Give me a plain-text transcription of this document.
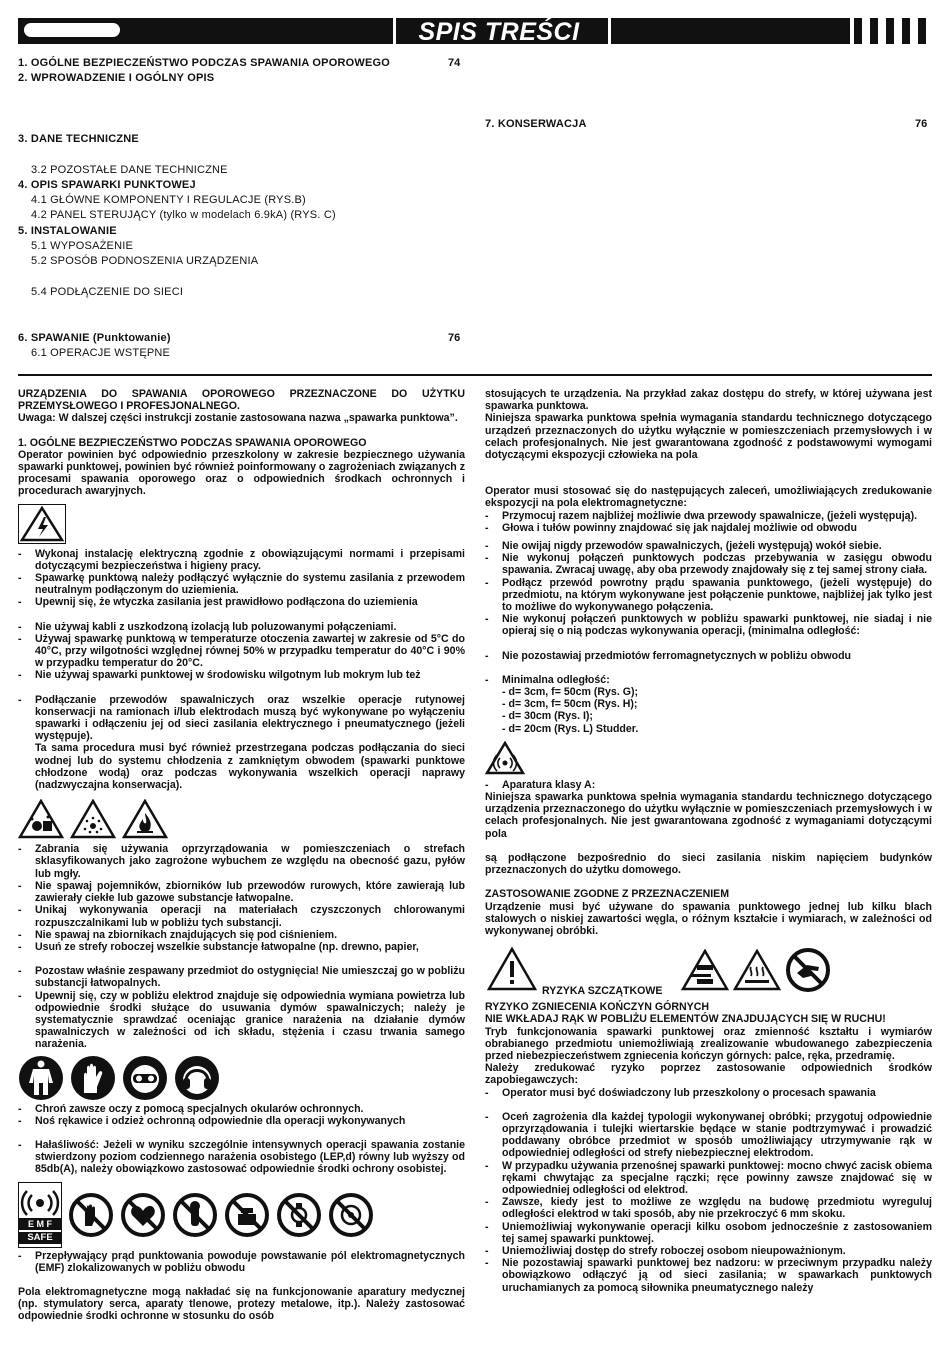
SPIS TREŚCI
1. OGÓLNE BEZPIECZEŃSTWO PODCZAS SPAWANIA OPOROWEGO	74
2. WPROWADZENIE I OGÓLNY OPIS
3. DANE TECHNICZNE
3.2 POZOSTAŁE DANE TECHNICZNE
4. OPIS SPAWARKI PUNKTOWEJ
4.1 GŁÓWNE KOMPONENTY I REGULACJE (RYS.B)
4.2 PANEL STERUJĄCY (tylko w modelach 6.9kA) (RYS. C)
5. INSTALOWANIE
5.1 WYPOSAŻENIE
5.2 SPOSÓB PODNOSZENIA URZĄDZENIA
5.4 PODŁĄCZENIE DO SIECI
6. SPAWANIE (Punktowanie)	76
6.1 OPERACJE WSTĘPNE
7. KONSERWACJA	76

URZĄDZENIA DO SPAWANIA OPOROWEGO PRZEZNACZONE DO UŻYTKU PRZEMYSŁOWEGO I PROFESJONALNEGO.

Uwaga: W dalszej części instrukcji zostanie zastosowana nazwa „spawarka punktowa”.

1. OGÓLNE BEZPIECZEŃSTWO PODCZAS SPAWANIA OPOROWEGO

Operator powinien być odpowiednio przeszkolony w zakresie bezpiecznego używania spawarki punktowej, powinien być również poinformowany o zagrożeniach związanych z procesami spawania oporowego oraz o odpowiednich środkach ochronnych i procedurach awaryjnych.

- Wykonaj instalację elektryczną zgodnie z obowiązującymi normami i przepisami dotyczącymi bezpieczeństwa i higieny pracy.
- Spawarkę punktową należy podłączyć wyłącznie do systemu zasilania z przewodem neutralnym podłączonym do uziemienia.
- Upewnij się, że wtyczka zasilania jest prawidłowo podłączona do uziemienia
- Nie używaj kabli z uszkodzoną izolacją lub poluzowanymi połączeniami.
- Używaj spawarkę punktową w temperaturze otoczenia zawartej w zakresie od 5°C do 40°C, przy wilgotności względnej równej 50% w przypadku temperatur do 40°C i 90% w przypadku temperatur do 20°C.
- Nie używaj spawarki punktowej w środowisku wilgotnym lub mokrym lub też
- Podłączanie przewodów spawalniczych oraz wszelkie operacje rutynowej konserwacji na ramionach i/lub elektrodach muszą być wykonywane po wyłączeniu spawarki i odłączeniu jej od sieci zasilania elektrycznego i pneumatycznego (jeżeli występuje).

Ta sama procedura musi być również przestrzegana podczas podłączania do sieci wodnej lub do systemu chłodzenia z zamkniętym obwodem (spawarki punktowe chłodzone wodą) oraz podczas wykonywania wszelkich operacji naprawy (nadzwyczajna konserwacja).

- Zabrania się używania oprzyrządowania w pomieszczeniach o strefach sklasyfikowanych jako zagrożone wybuchem ze względu na obecność gazu, pyłów lub mgły.
- Nie spawaj pojemników, zbiorników lub przewodów rurowych, które zawierają lub zawierały ciekłe lub gazowe substancje łatwopalne.
- Unikaj wykonywania operacji na materiałach czyszczonych chlorowanymi rozpuszczalnikami lub w pobliżu tych substancji.
- Nie spawaj na zbiornikach znajdujących się pod ciśnieniem.
- Usuń ze strefy roboczej wszelkie substancje łatwopalne (np. drewno, papier,
- Pozostaw właśnie zespawany przedmiot do ostygnięcia! Nie umieszczaj go w pobliżu substancji łatwopalnych.
- Upewnij się, czy w pobliżu elektrod znajduje się odpowiednia wymiana powietrza lub odpowiednie środki służące do usuwania dymów spawalniczych; należy je systematycznie sprawdzać oceniając granice narażenia na działanie dymów spawalniczych w zależności od ich składu, stężenia i czasu trwania samego narażenia.
- Chroń zawsze oczy z pomocą specjalnych okularów ochronnych.
- Noś rękawice i odzież ochronną odpowiednie dla operacji wykonywanych
- Hałaśliwość: Jeżeli w wyniku szczególnie intensywnych operacji spawania zostanie stwierdzony poziom codziennego narażenia osobistego (LEP,d) równy lub wyższy od 85db(A), należy obowiązkowo zastosować odpowiednie środki ochrony osobistej.
E M F
SAFE
- Przepływający prąd punktowania powoduje powstawanie pól elektromagnetycznych (EMF) zlokalizowanych w pobliżu obwodu

Pola elektromagnetyczne mogą nakładać się na funkcjonowanie aparatury medycznej (np. stymulatory serca, aparaty tlenowe, protezy metalowe, itp.). Należy zastosować odpowiednie środki ochronne w stosunku do osób

stosujących te urządzenia. Na przykład zakaz dostępu do strefy, w której używana jest spawarka punktowa.

Niniejsza spawarka punktowa spełnia wymagania standardu technicznego dotyczącego urządzeń przeznaczonych do użytku wyłącznie w pomieszczeniach przemysłowych i w celach profesjonalnych. Nie jest gwarantowana zgodność z podstawowymi wymogami dotyczącymi ekspozycji człowieka na pola

Operator musi stosować się do następujących zaleceń, umożliwiających zredukowanie ekspozycji na pola elektromagnetyczne:

- Przymocuj razem najbliżej możliwie dwa przewody spawalnicze, (jeżeli występują).
- Głowa i tułów powinny znajdować się jak najdalej możliwie od obwodu
- Nie owijaj nigdy przewodów spawalniczych, (jeżeli występują) wokół siebie.
- Nie wykonuj połączeń punktowych podczas przebywania w zasięgu obwodu spawania. Zwracaj uwagę, aby oba przewody znajdowały się z tej samej strony ciała.
- Podłącz przewód powrotny prądu spawania punktowego, (jeżeli występuje) do przedmiotu, na którym wykonywane jest połączenie punktowe, najbliżej jak tylko jest to możliwe do wykonywanego połączenia.
- Nie wykonuj połączeń punktowych w pobliżu spawarki punktowej, nie siadaj i nie opieraj się o nią podczas wykonywania operacji, (minimalna odległość:
- Nie pozostawiaj przedmiotów ferromagnetycznych w pobliżu obwodu
- Minimalna odległość:
- d= 3cm, f= 50cm (Rys. G);
- d= 3cm, f= 50cm (Rys. H);
- d= 30cm (Rys. I);
- d= 20cm (Rys. L) Studder.
- Aparatura klasy A:

Niniejsza spawarka punktowa spełnia wymagania standardu technicznego dotyczącego urządzenia przeznaczonego do użytku wyłącznie w pomieszczeniach przemysłowych i w celach profesjonalnych. Nie jest gwarantowana zgodność z wymaganiami dotyczącymi pola

są podłączone bezpośrednio do sieci zasilania niskim napięciem budynków przeznaczonych do użytku domowego.

ZASTOSOWANIE ZGODNE Z PRZEZNACZENIEM

Urządzenie musi być używane do spawania punktowego jednej lub kilku blach stalowych o niskiej zawartości węgla, o różnym kształcie i wymiarach, w zależności od wykonywanej obróbki.

RYZYKA SZCZĄTKOWE

RYZYKO ZGNIECENIA KOŃCZYN GÓRNYCH

NIE WKŁADAJ RĄK W POBLIŻU ELEMENTÓW ZNAJDUJĄCYCH SIĘ W RUCHU!

Tryb funkcjonowania spawarki punktowej oraz zmienność kształtu i wymiarów obrabianego przedmiotu uniemożliwiają zrealizowanie wbudowanego zabezpieczenia przed niebezpieczeństwem zgniecenia kończyn górnych: palce, ręka, przedramię.

Należy zredukować ryzyko poprzez zastosowanie odpowiednich środków zapobiegawczych:

- Operator musi być doświadczony lub przeszkolony o procesach spawania
- Oceń zagrożenia dla każdej typologii wykonywanej obróbki; przygotuj odpowiednie oprzyrządowania i tulejki wiertarskie będące w stanie podtrzymywać i prowadzić poddawany obróbce przedmiot w sposób umożliwiający utrzymywanie rąk w odpowiedniej odległości od strefy niebezpiecznej elektrodom.
- W przypadku używania przenośnej spawarki punktowej: mocno chwyć zacisk obiema rękami chwytając za specjalne rączki; ręce powinny zawsze znajdować się w odpowiedniej odległości od elektrod.
- Zawsze, kiedy jest to możliwe ze względu na budowę przedmiotu wyreguluj odległości elektrod w taki sposób, aby nie przekroczyć 6 mm skoku.
- Uniemożliwiaj wykonywanie operacji kilku osobom jednocześnie z zastosowaniem tej samej spawarki punktowej.
- Uniemożliwiaj dostęp do strefy roboczej osobom nieupoważnionym.
- Nie pozostawiaj spawarki punktowej bez nadzoru: w przeciwnym przypadku należy obowiązkowo odłączyć ją od sieci zasilania; w spawarkach punktowych uruchamianych za pomocą siłownika pneumatycznego należy
